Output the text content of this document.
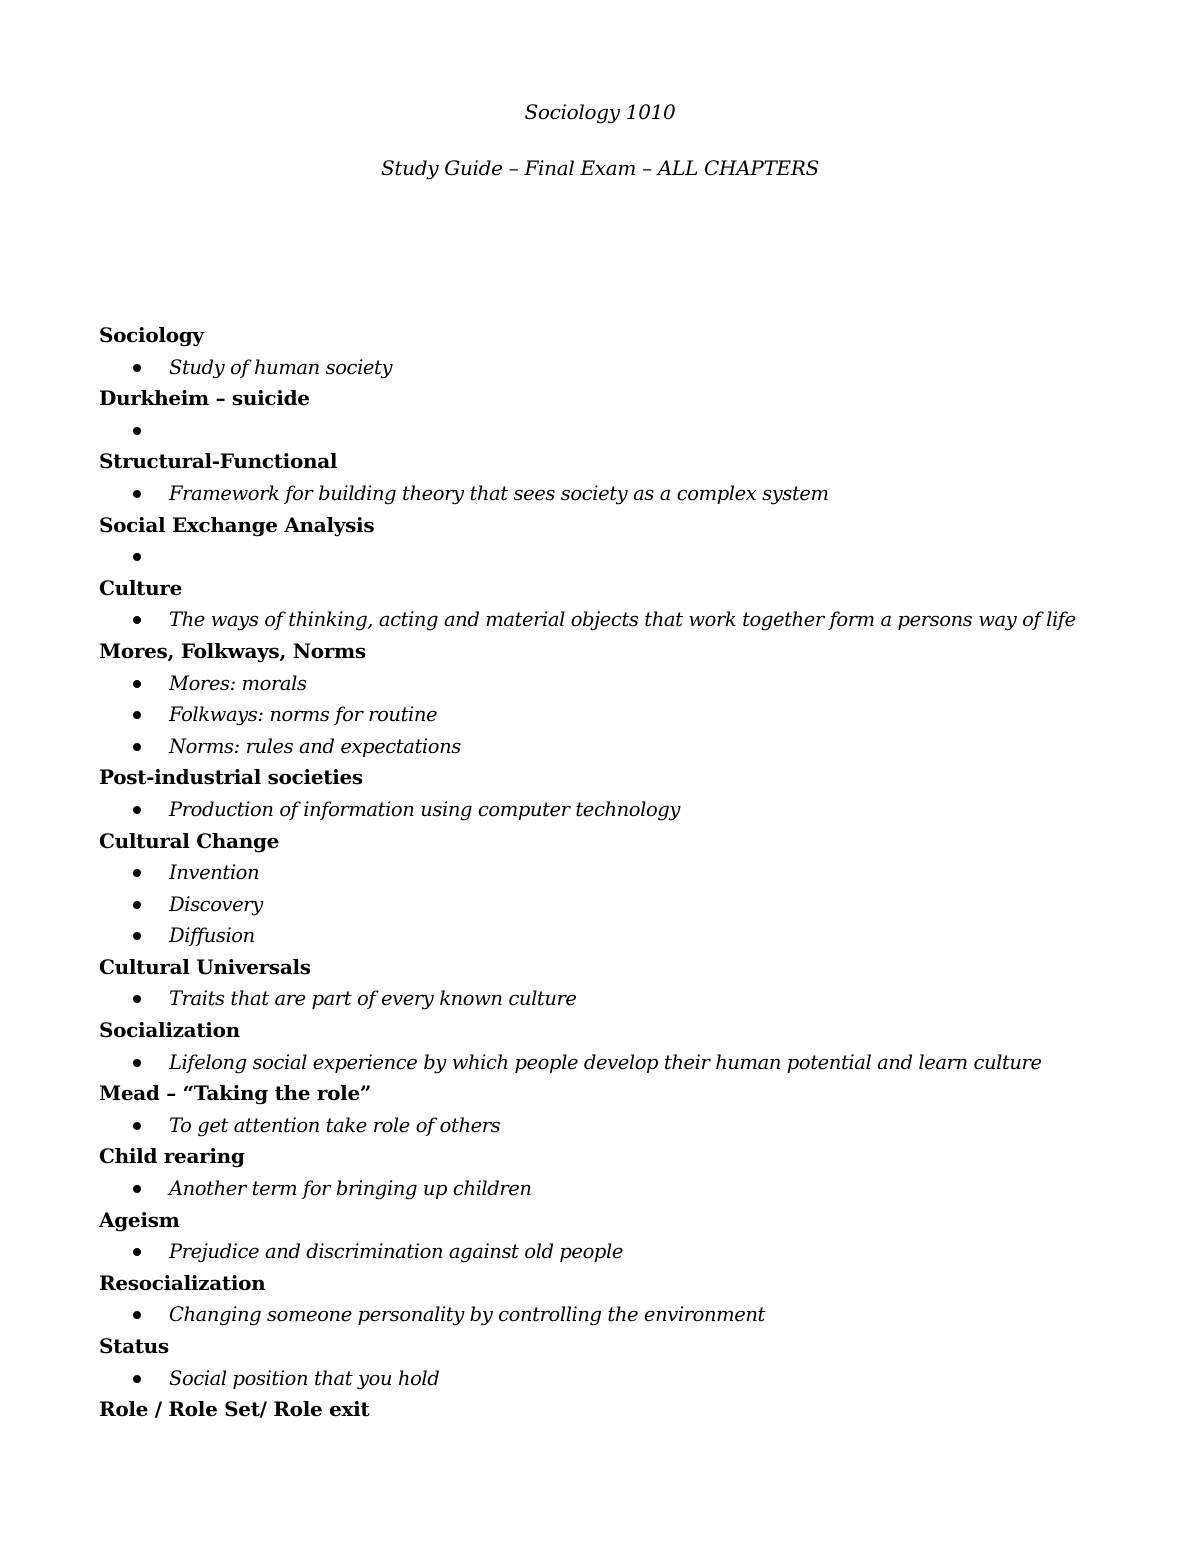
Sociology 1010
Study Guide – Final Exam – ALL CHAPTERS
Sociology
Study of human society
Durkheim – suicide
Structural-Functional
Framework for building theory that sees society as a complex system
Social Exchange Analysis
Culture
The ways of thinking, acting and material objects that work together form a persons way of life
Mores, Folkways, Norms
Mores: morals
Folkways: norms for routine
Norms: rules and expectations
Post-industrial societies
Production of information using computer technology
Cultural Change
Invention
Discovery
Diffusion
Cultural Universals
Traits that are part of every known culture
Socialization
Lifelong social experience by which people develop their human potential and learn culture
Mead – “Taking the role”
To get attention take role of others
Child rearing
Another term for bringing up children
Ageism
Prejudice and discrimination against old people
Resocialization
Changing someone personality by controlling the environment
Status
Social position that you hold
Role / Role Set/ Role exit
